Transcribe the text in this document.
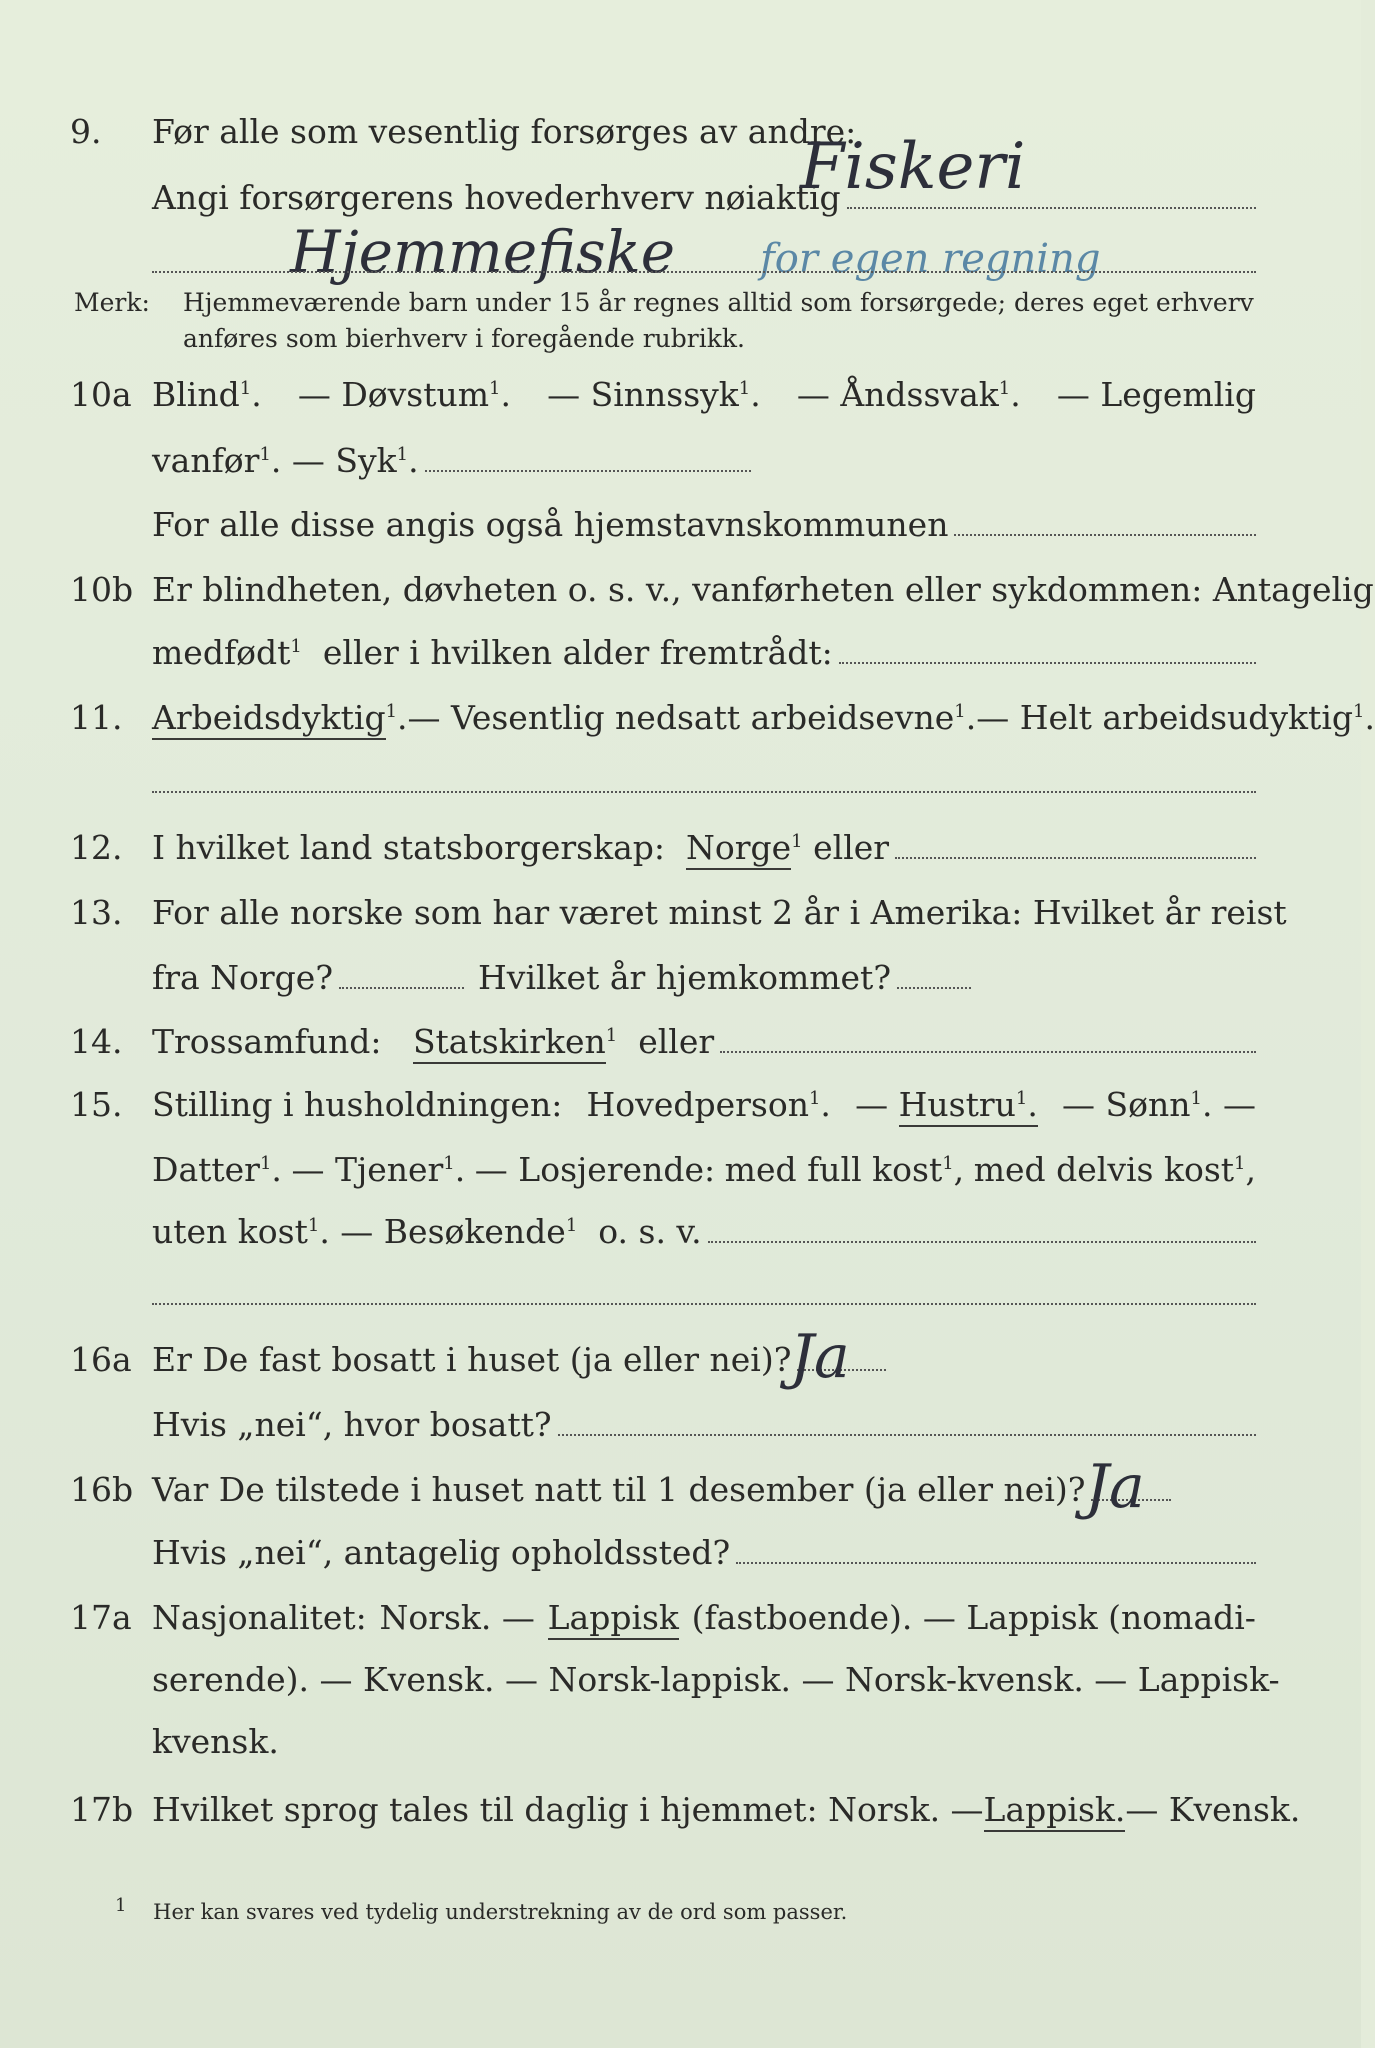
9. Før alle som vesentlig forsørges av andre:
Angi forsørgerens hovederhverv nøiaktig
Fiskeri
Hjemmefiske for egen regning
Merk: Hjemmeværende barn under 15 år regnes alltid som forsørgede; deres eget erhverv
anføres som bierhverv i foregående rubrikk.
10a Blind$^1$. — Døvstum$^1$. — Sinnssyk$^1$. — Åndssvak$^1$. — Legemlig
vanfør$^1$. — Syk$^1$.
For alle disse angis også hjemstavnskommunen
10b Er blindheten, døvheten o. s. v., vanførheten eller sykdommen: Antagelig
medfødt$^1$ eller i hvilken alder fremtrådt:
11. Arbeidsdyktig$^1$. — Vesentlig nedsatt arbeidsevne$^1$. — Helt arbeidsudyktig$^1$.
12. I hvilket land statsborgerskap:
Norge$^1$
eller
13. For alle norske som har været minst 2 år i Amerika: Hvilket år reist
fra Norge?	Hvilket år hjemkommet?
14. Trossamfund:
Statskirken$^1$
eller
15. Stilling i husholdningen: Hovedperson$^1$. — Hustru$^1$. — Sønn$^1$. —
Datter$^1$. — Tjener$^1$. — Losjerende: med full kost$^1$, med delvis kost$^1$,
uten kost$^1$. — Besøkende$^1$ o. s. v.
16a Er De fast bosatt i huset (ja eller nei)?
Ja
Hvis „nei“, hvor bosatt?
16b Var De tilstede i huset natt til 1 desember (ja eller nei)? Ja
Hvis „nei“, antagelig opholdssted?
17a Nasjonalitet: Norsk. — Lappisk (fastboende). — Lappisk (nomadi-
serende). — Kvensk. — Norsk-lappisk. — Norsk-kvensk. — Lappisk-
kvensk.
17b Hvilket sprog tales til daglig i hjemmet: Norsk. — Lappisk. — Kvensk.
$^1$ Her kan svares ved tydelig understrekning av de ord som passer.
